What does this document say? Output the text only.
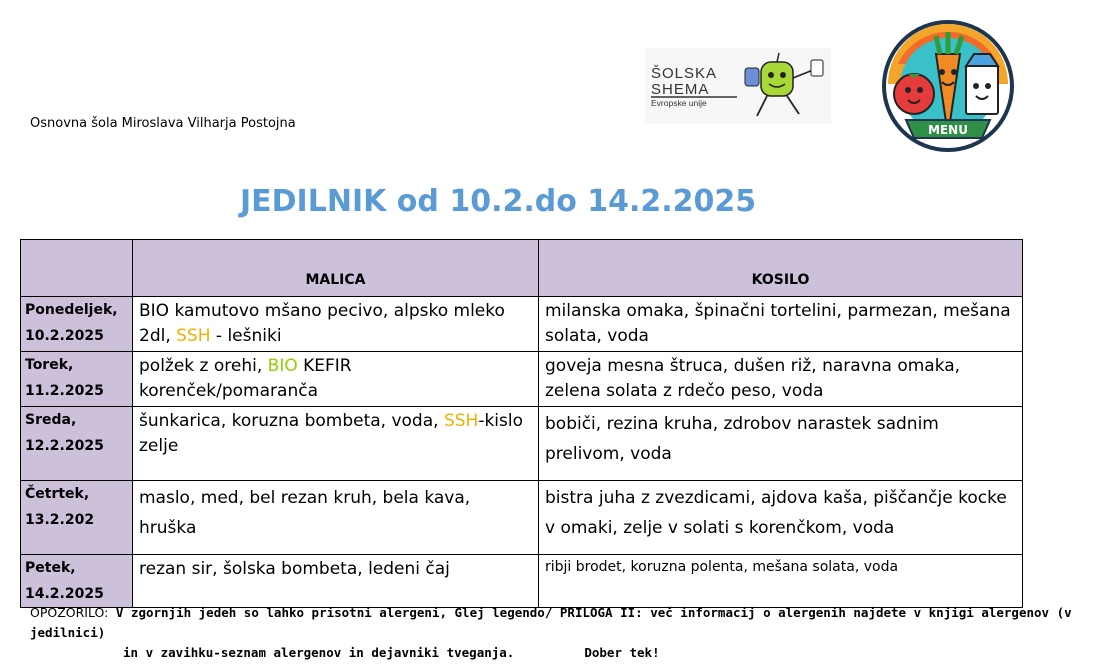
Osnovna šola Miroslava Vilharja Postojna
ŠOLSKA
SHEMA
Evropske unije
MENU
JEDILNIK od 10.2.do 14.2.2025

	MALICA	KOSILO

Ponedeljek,
10.2.2025	BIO kamutovo mšano pecivo, alpsko mleko 2dl, SSH - lešniki	milanska omaka, špinačni tortelini, parmezan, mešana solata, voda

Torek,
11.2.2025	polžek z orehi, BIO KEFIR korenček/pomaranča	goveja mesna štruca, dušen riž, naravna omaka, zelena solata z rdečo peso, voda

Sreda,
12.2.2025	šunkarica, koruzna bombeta, voda, SSH-kislo zelje	bobiči, rezina kruha, zdrobov narastek sadnim prelivom, voda

Četrtek,
13.2.202	maslo, med, bel rezan kruh, bela kava, hruška	bistra juha z zvezdicami, ajdova kaša, piščančje kocke v omaki, zelje v solati s korenčkom, voda

Petek,
14.2.2025	rezan sir, šolska bombeta, ledeni čaj	ribji brodet, koruzna polenta, mešana solata, voda
OPOZORILO: V zgornjih jedeh so lahko prisotni alergeni, Glej legendo/ PRILOGA II: več informacij o alergenih najdete v knjigi alergenov (v jedilnici)
in v zavihku-seznam alergenov in dejavniki tveganja.	Dober tek!
